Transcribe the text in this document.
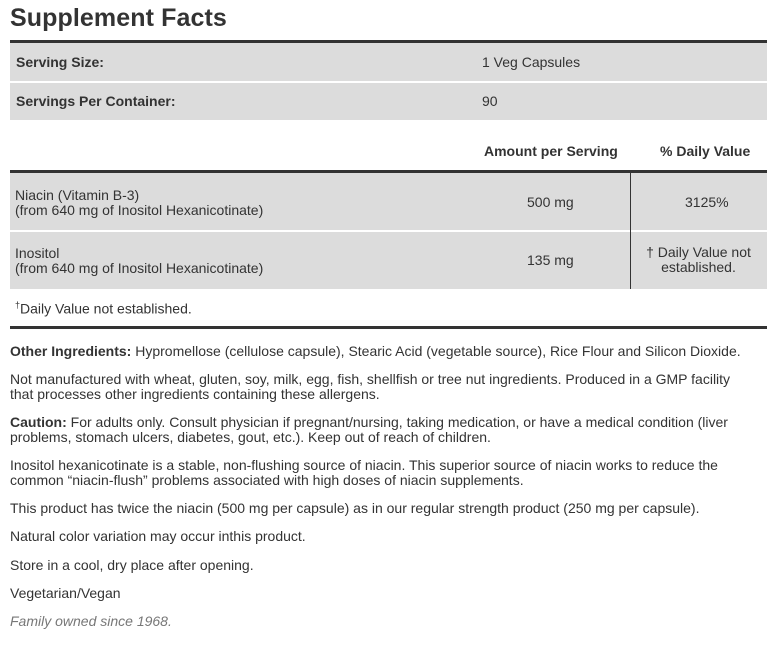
Supplement Facts
Serving Size:	1 Veg Capsules
Servings Per Container:	90
Amount per Serving	% Daily Value
Niacin (Vitamin B-3)
(from 640 mg of Inositol Hexanicotinate)	500 mg	3125%
Inositol
(from 640 mg of Inositol Hexanicotinate)	135 mg	† Daily Value not
established.
†Daily Value not established.

Other Ingredients: Hypromellose (cellulose capsule), Stearic Acid (vegetable source), Rice Flour and Silicon Dioxide.

Not manufactured with wheat, gluten, soy, milk, egg, fish, shellfish or tree nut ingredients. Produced in a GMP facility
that processes other ingredients containing these allergens.

Caution: For adults only. Consult physician if pregnant/nursing, taking medication, or have a medical condition (liver
problems, stomach ulcers, diabetes, gout, etc.). Keep out of reach of children.

Inositol hexanicotinate is a stable, non-flushing source of niacin. This superior source of niacin works to reduce the
common “niacin-flush” problems associated with high doses of niacin supplements.

This product has twice the niacin (500 mg per capsule) as in our regular strength product (250 mg per capsule).

Natural color variation may occur inthis product.

Store in a cool, dry place after opening.

Vegetarian/Vegan

Family owned since 1968.
